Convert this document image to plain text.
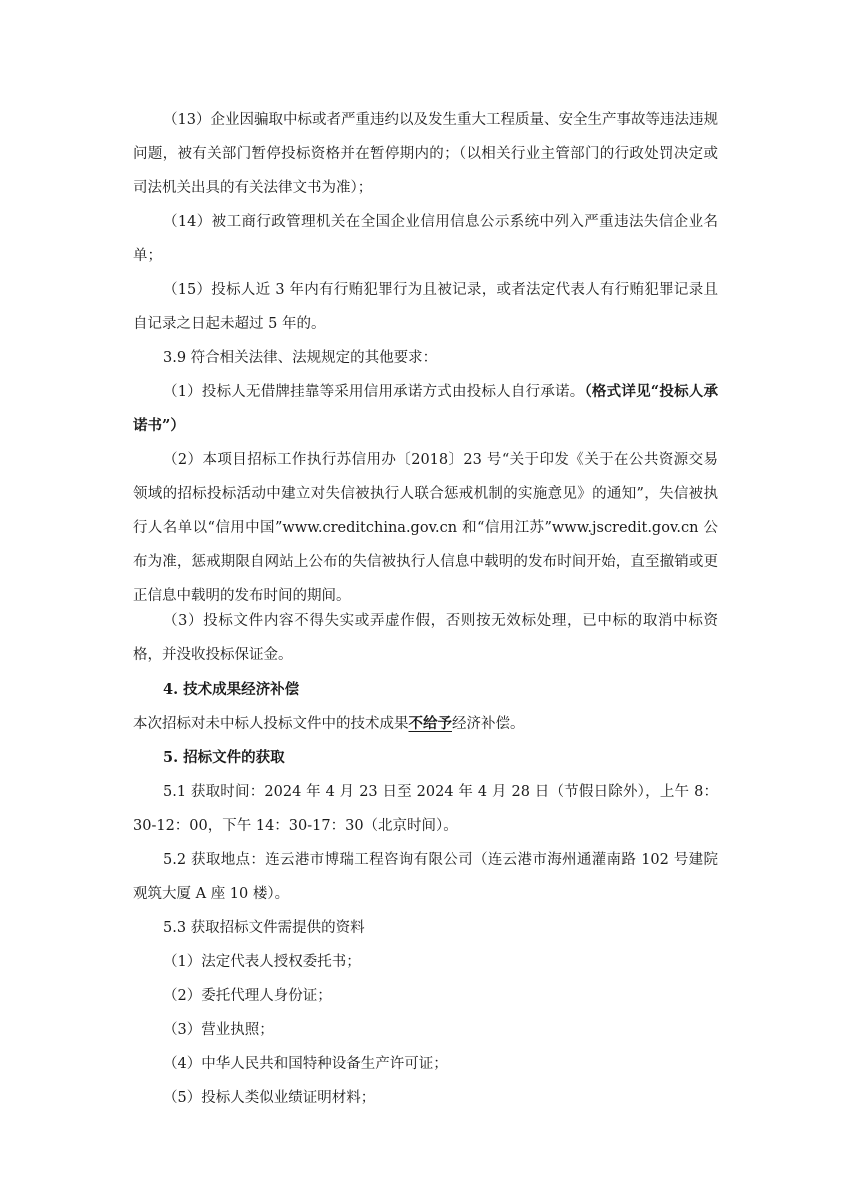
（13）企业因骗取中标或者严重违约以及发生重大工程质量、安全生产事故等违法违规问题，被有关部门暂停投标资格并在暂停期内的；（以相关行业主管部门的行政处罚决定或司法机关出具的有关法律文书为准）；

（14）被工商行政管理机关在全国企业信用信息公示系统中列入严重违法失信企业名单；

（15）投标人近 3 年内有行贿犯罪行为且被记录，或者法定代表人有行贿犯罪记录且自记录之日起未超过 5 年的。

3.9 符合相关法律、法规规定的其他要求：

（1）投标人无借牌挂靠等采用信用承诺方式由投标人自行承诺。（格式详见“投标人承诺书”）

（2）本项目招标工作执行苏信用办〔2018〕23 号“关于印发《关于在公共资源交易领域的招标投标活动中建立对失信被执行人联合惩戒机制的实施意见》的通知”，失信被执行人名单以“信用中国”www.creditchina.gov.cn 和“信用江苏”www.jscredit.gov.cn 公布为准，惩戒期限自网站上公布的失信被执行人信息中载明的发布时间开始，直至撤销或更正信息中载明的发布时间的期间。

（3）投标文件内容不得失实或弄虚作假，否则按无效标处理，已中标的取消中标资格，并没收投标保证金。

4. 技术成果经济补偿

本次招标对未中标人投标文件中的技术成果不给予经济补偿。

5. 招标文件的获取

5.1 获取时间：2024 年 4 月 23 日至 2024 年 4 月 28 日（节假日除外），上午 8：30-12：00，下午 14：30-17：30（北京时间）。

5.2 获取地点：连云港市博瑞工程咨询有限公司（连云港市海州通灌南路 102 号建院观筑大厦 A 座 10 楼）。

5.3 获取招标文件需提供的资料

（1）法定代表人授权委托书；

（2）委托代理人身份证；

（3）营业执照；

（4）中华人民共和国特种设备生产许可证；

（5）投标人类似业绩证明材料；
